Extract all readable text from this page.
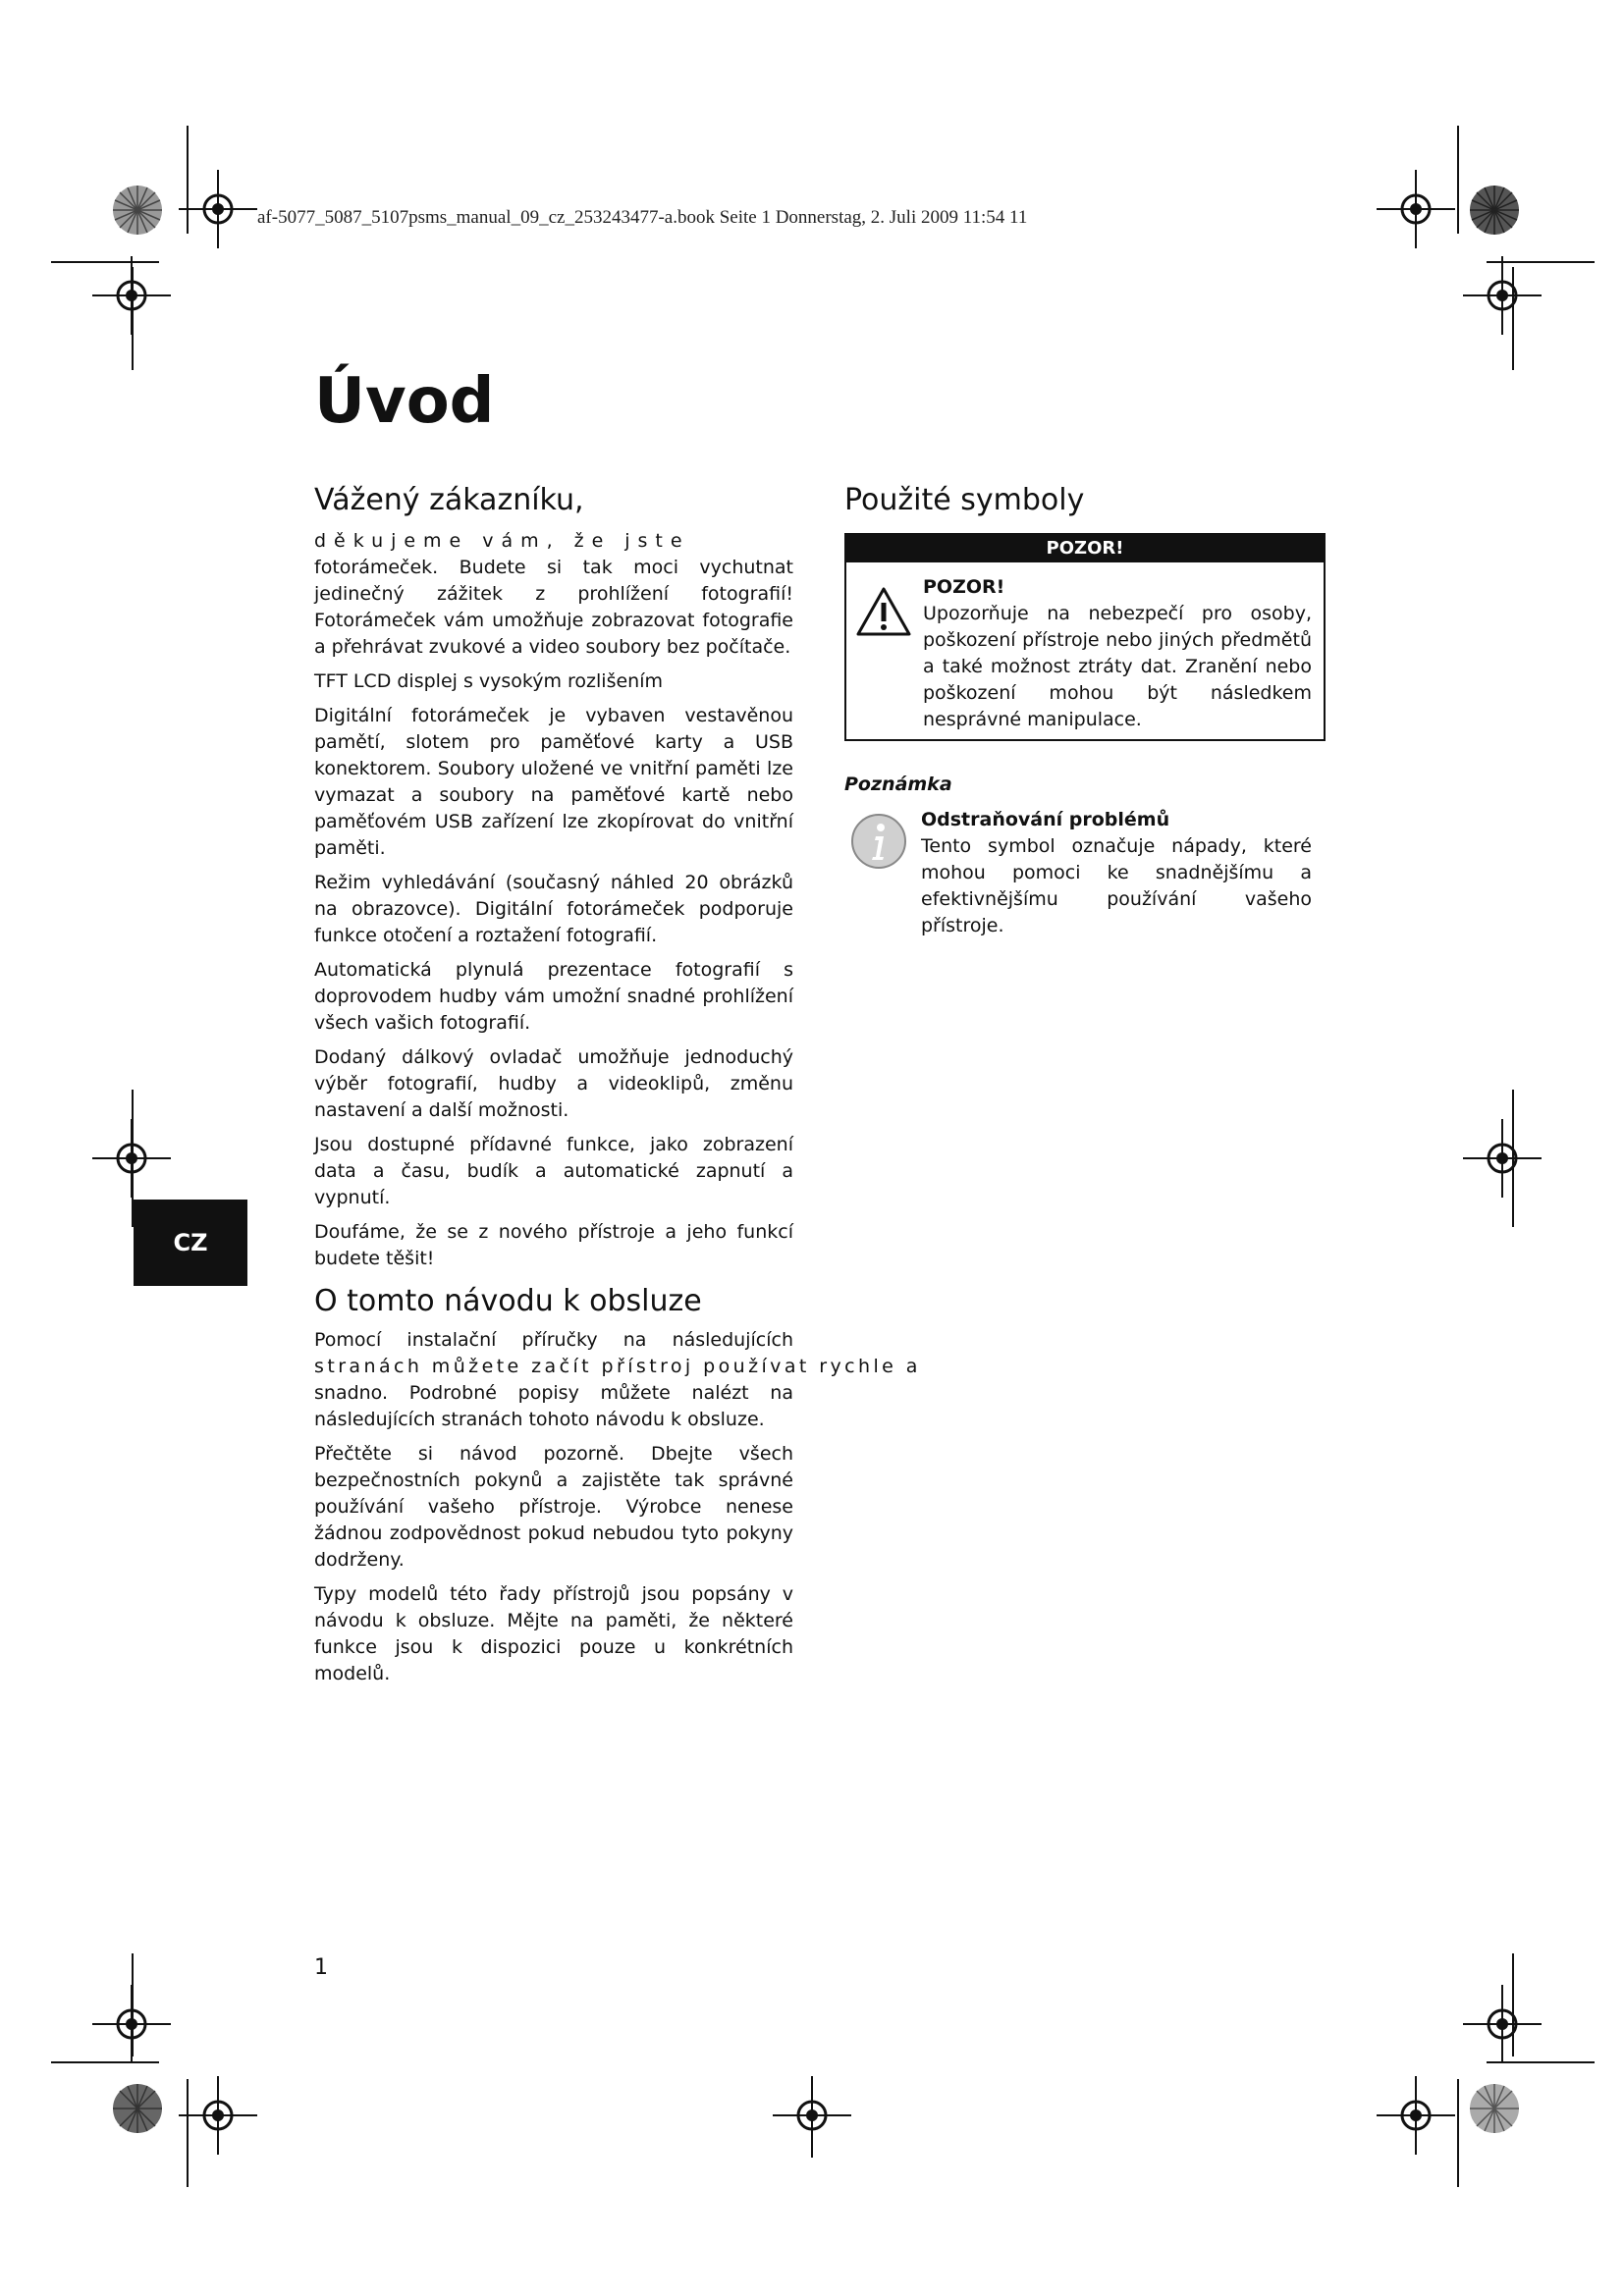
af-5077_5087_5107psms_manual_09_cz_253243477-a.book Seite 1 Donnerstag, 2. Juli 2009 11:54 11
Úvod
Vážený zákazníku,
děkujeme vám, že jste

fotorámeček. Budete si tak moci vychutnat jedinečný zážitek z prohlížení fotografií! Fotorámeček vám umožňuje zobrazovat fotografie a přehrávat zvukové a video soubory bez počítače.

TFT LCD displej s vysokým rozlišením

Digitální fotorámeček je vybaven vestavěnou pamětí, slotem pro paměťové karty a USB konektorem. Soubory uložené ve vnitřní paměti lze vymazat a soubory na paměťové kartě nebo paměťovém USB zařízení lze zkopírovat do vnitřní paměti.

Režim vyhledávání (současný náhled 20 obrázků na obrazovce). Digitální fotorámeček podporuje funkce otočení a roztažení fotografií.

Automatická plynulá prezentace fotografií s doprovodem hudby vám umožní snadné prohlížení všech vašich fotografií.

Dodaný dálkový ovladač umožňuje jednoduchý výběr fotografií, hudby a videoklipů, změnu nastavení a další možnosti.

Jsou dostupné přídavné funkce, jako zobrazení data a času, budík a automatické zapnutí a vypnutí.

Doufáme, že se z nového přístroje a jeho funkcí budete těšit!

O tomto návodu k obsluze
Pomocí instalační příručky na následujících
stranách můžete začít přístroj používat rychle a

snadno. Podrobné popisy můžete nalézt na následujících stranách tohoto návodu k obsluze.

Přečtěte si návod pozorně. Dbejte všech bezpečnostních pokynů a zajistěte tak správné používání vašeho přístroje. Výrobce nenese žádnou zodpovědnost pokud nebudou tyto pokyny dodrženy.

Typy modelů této řady přístrojů jsou popsány v návodu k obsluze. Mějte na paměti, že některé funkce jsou k dispozici pouze u konkrétních modelů.

Použité symboly
POZOR!
POZOR!
Upozorňuje na nebezpečí pro osoby, poškození přístroje nebo jiných předmětů a také možnost ztráty dat. Zranění nebo poškození mohou být následkem nesprávné manipulace.
Poznámka
Odstraňování problémů
Tento symbol označuje nápady, které mohou pomoci ke snadnějšímu a efektivnějšímu používání vašeho přístroje.
CZ
1
